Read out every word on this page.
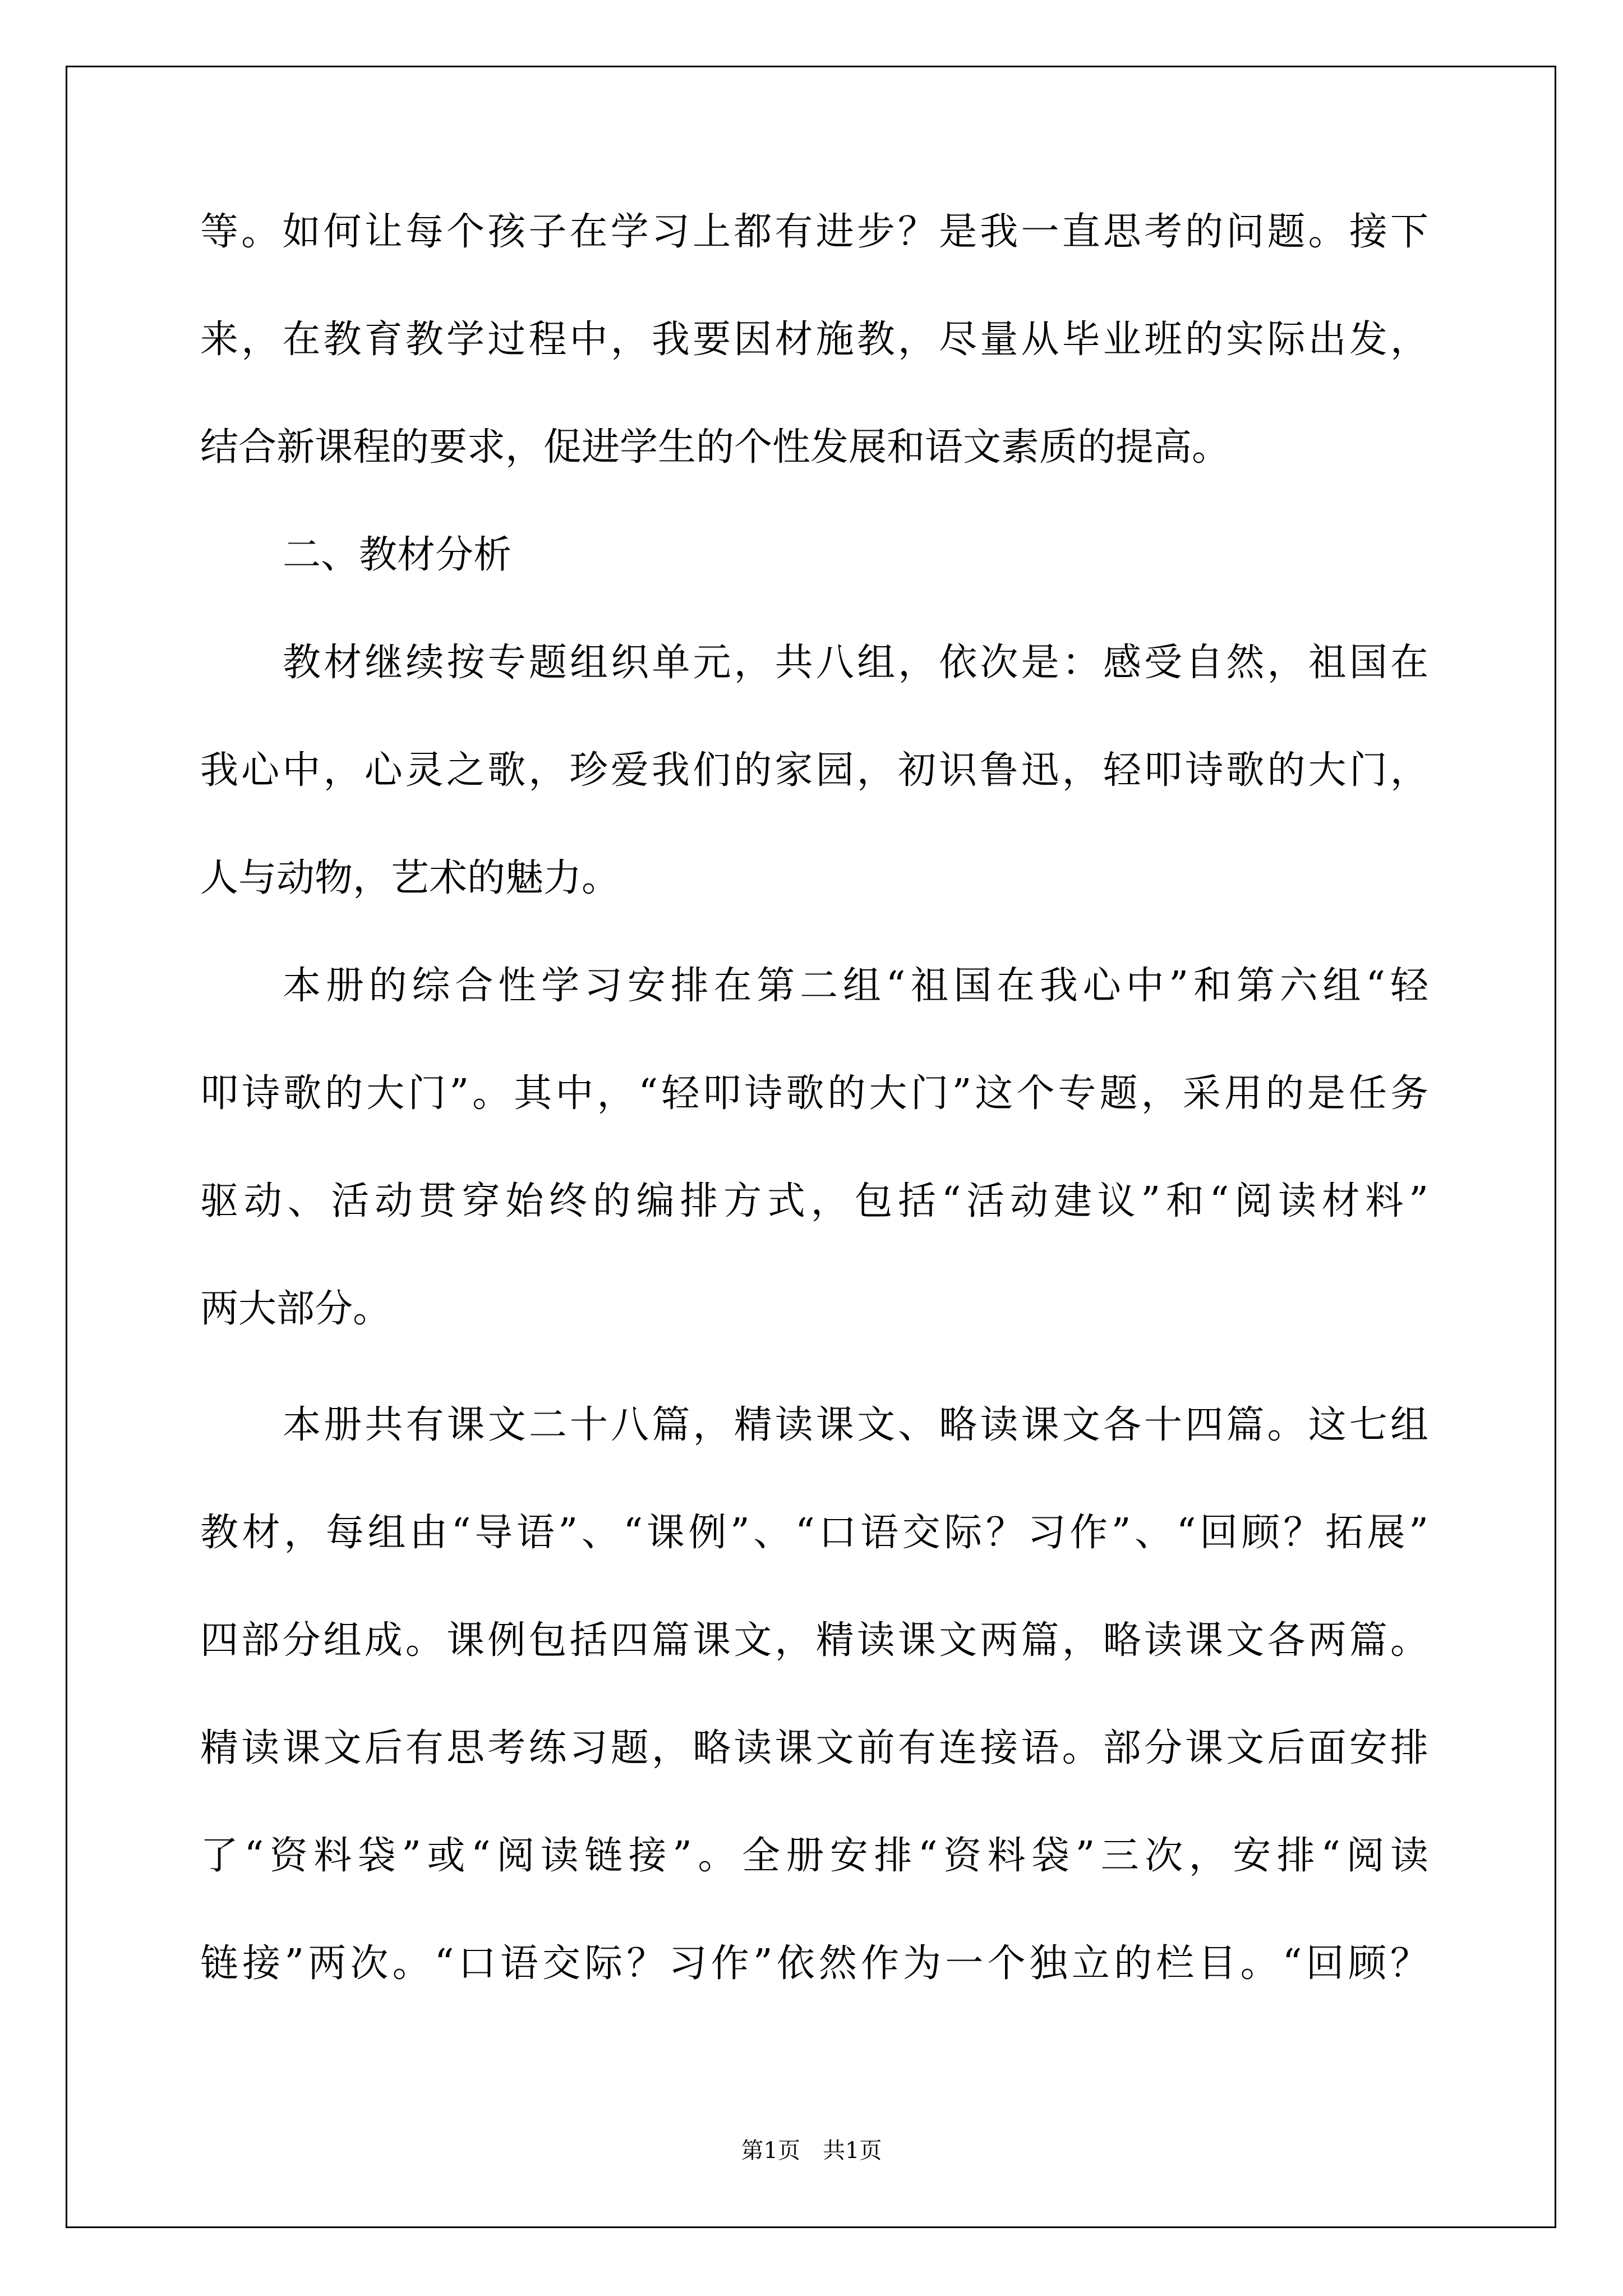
等。如何让每个孩子在学习上都有进步？是我一直思考的问题。接下
来，在教育教学过程中，我要因材施教，尽量从毕业班的实际出发，
结合新课程的要求，促进学生的个性发展和语文素质的提高。
二、教材分析
教材继续按专题组织单元，共八组，依次是：感受自然，祖国在
我心中，心灵之歌，珍爱我们的家园，初识鲁迅，轻叩诗歌的大门，
人与动物，艺术的魅力。
本册的综合性学习安排在第二组“祖国在我心中”和第六组“轻
叩诗歌的大门”。其中，“轻叩诗歌的大门”这个专题，采用的是任务
驱动、活动贯穿始终的编排方式，包括“活动建议”和“阅读材料”
两大部分。
本册共有课文二十八篇，精读课文、略读课文各十四篇。这七组
教材，每组由“导语”、“课例”、“口语交际？习作”、“回顾？拓展”
四部分组成。课例包括四篇课文，精读课文两篇，略读课文各两篇。
精读课文后有思考练习题，略读课文前有连接语。部分课文后面安排
了“资料袋”或“阅读链接”。全册安排“资料袋”三次，安排“阅读
链接”两次。“口语交际？习作”依然作为一个独立的栏目。“回顾？
第1页　共1页
